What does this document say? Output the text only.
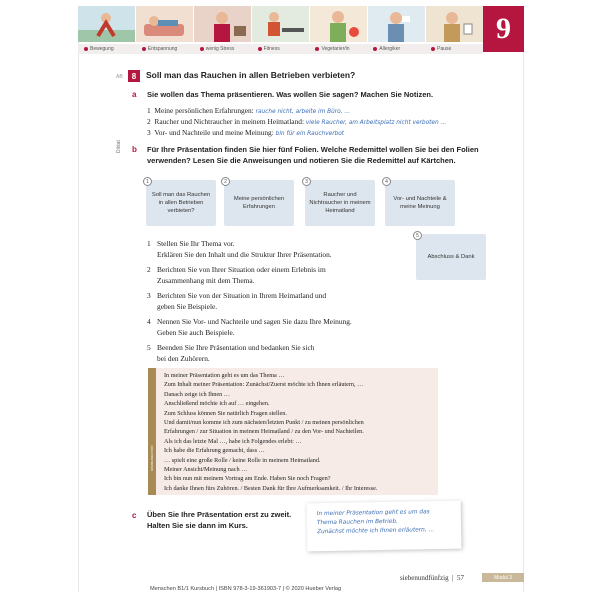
Bewegung	Entspannung	wenig Stress	Fitness	Vegetarier/in	Allergiker	Pause
9
AB	8	Soll man das Rauchen in allen Betrieben verbieten?
a Sie wollen das Thema präsentieren. Was wollen Sie sagen? Machen Sie Notizen.
1 Meine persönlichen Erfahrungen: rauche nicht, arbeite im Büro, …
2 Raucher und Nichtraucher in meinem Heimatland: viele Raucher, am Arbeitsplatz nicht verboten …
3 Vor- und Nachteile und meine Meinung: bin für ein Rauchverbot
Diktat b Für Ihre Präsentation finden Sie hier fünf Folien. Welche Redemittel wollen Sie bei den Folien
verwenden? Lesen Sie die Anweisungen und notieren Sie die Redemittel auf Kärtchen.
Soll man das Rauchen in allen Betrieben verbieten?
1
Meine persönlichen Erfahrungen
2
Raucher und Nichtraucher in meinem Heimatland
3
Vor- und Nachteile & meine Meinung
4
Abschluss & Dank
5
1 Stellen Sie Ihr Thema vor.
Erklären Sie den Inhalt und die Struktur Ihrer Präsentation.
2 Berichten Sie von Ihrer Situation oder einem Erlebnis im
Zusammenhang mit dem Thema.
3 Berichten Sie von der Situation in Ihrem Heimatland und
geben Sie Beispiele.
4 Nennen Sie Vor- und Nachteile und sagen Sie dazu Ihre Meinung.
Geben Sie auch Beispiele.
5 Beenden Sie Ihre Präsentation und bedanken Sie sich
bei den Zuhörern.
KOMMUNIKATION
In meiner Präsentation geht es um das Thema …
Zum Inhalt meiner Präsentation: Zunächst/Zuerst möchte ich Ihnen erläutern, …
Danach zeige ich Ihnen …
Anschließend möchte ich auf … eingehen.
Zum Schluss können Sie natürlich Fragen stellen.
Und damit/nun komme ich zum nächsten/letzten Punkt / zu meinen persönlichen
Erfahrungen / zur Situation in meinem Heimatland / zu den Vor- und Nachteilen.
Als ich das letzte Mal …, habe ich Folgendes erlebt: …
Ich habe die Erfahrung gemacht, dass …
… spielt eine große Rolle / keine Rolle in meinem Heimatland.
Meiner Ansicht/Meinung nach …
Ich bin nun mit meinem Vortrag am Ende. Haben Sie noch Fragen?
Ich danke Ihnen fürs Zuhören. / Besten Dank für Ihre Aufmerksamkeit. / Ihr Interesse.
c Üben Sie Ihre Präsentation erst zu zweit.
Halten Sie sie dann im Kurs.
In meiner Präsentation geht es um das
Thema Rauchen im Betrieb.
Zunächst möchte ich Ihnen erläutern, …
siebenundfünfzig  |  57	Modul 3
Menschen B1/1 Kursbuch | ISBN 978-3-19-361903-7 | © 2020 Hueber Verlag
